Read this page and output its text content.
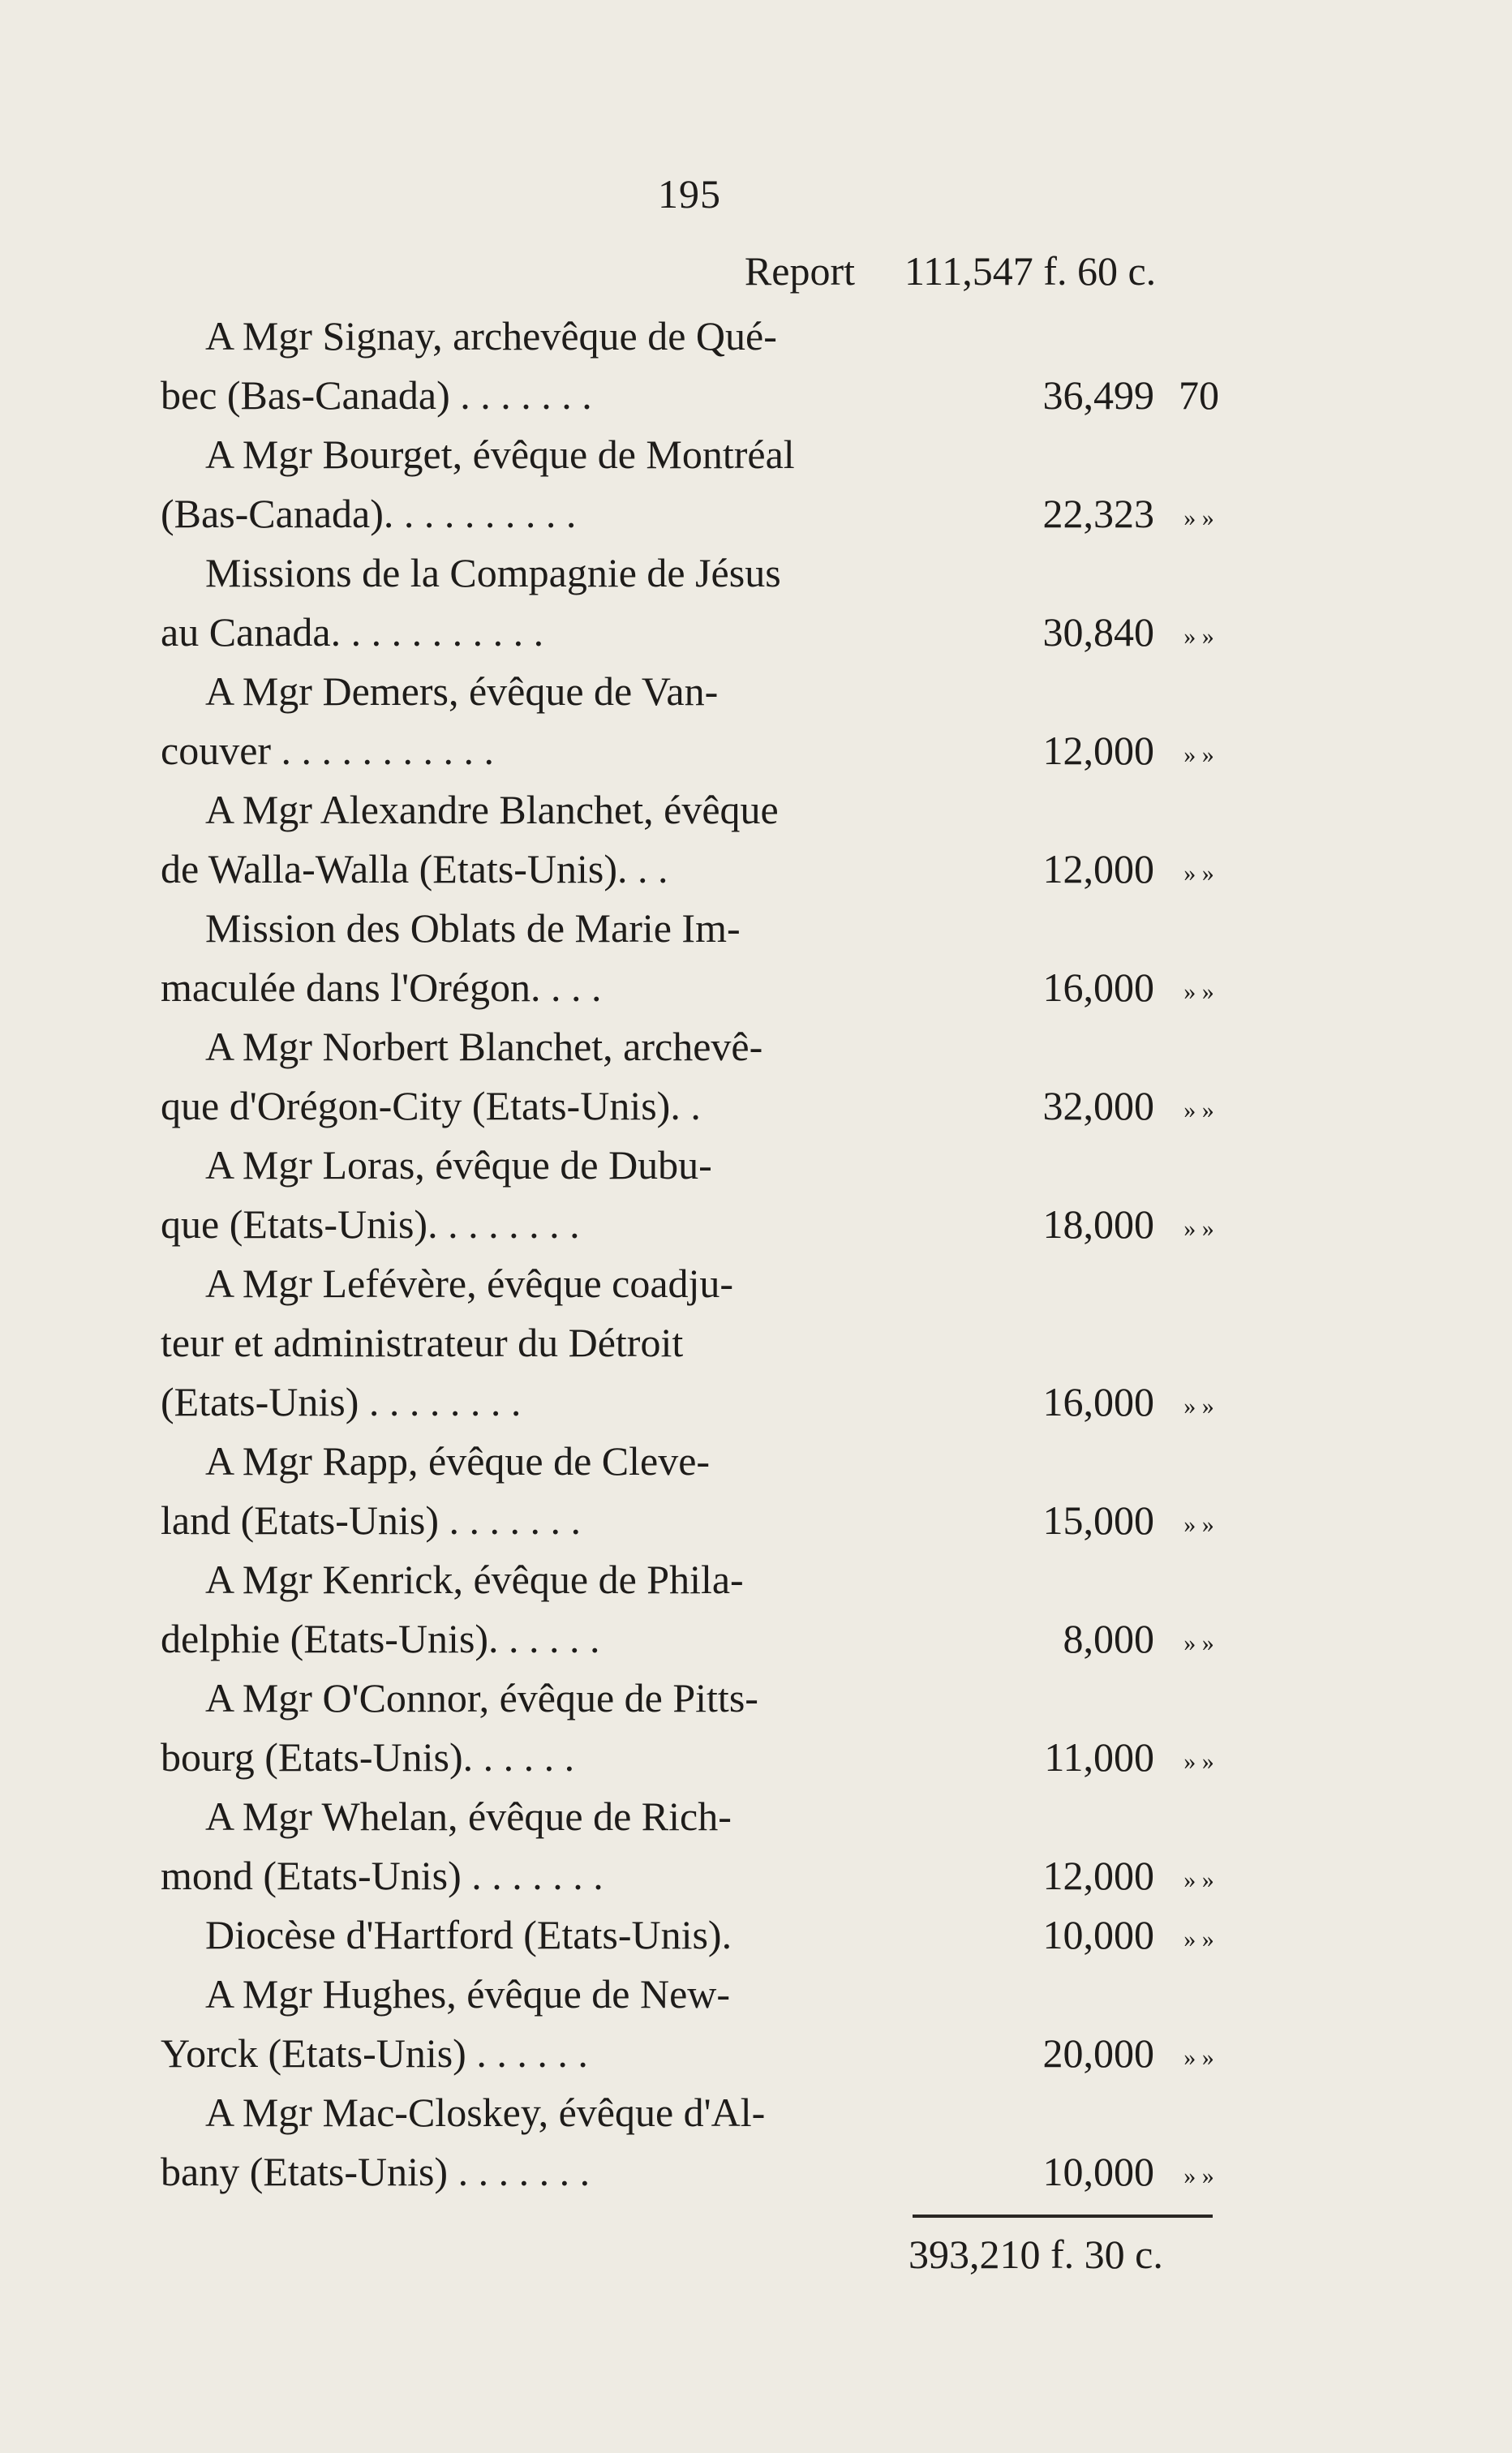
195
Report 111,547 f. 60 c.
A Mgr Signay, archevêque de Qué-
bec (Bas-Canada) . . . . . . .	36,499 70
A Mgr Bourget, évêque de Montréal
(Bas-Canada). . . . . . . . . .	22,323 » »
Missions de la Compagnie de Jésus
au Canada. . . . . . . . . . .	30,840 » »
A Mgr Demers, évêque de Van-
couver . . . . . . . . . . .	12,000 » »
A Mgr Alexandre Blanchet, évêque
de Walla-Walla (Etats-Unis). . .	12,000 » »
Mission des Oblats de Marie Im-
maculée dans l'Orégon. . . .	16,000 » »
A Mgr Norbert Blanchet, archevê-
que d'Orégon-City (Etats-Unis). .	32,000 » »
A Mgr Loras, évêque de Dubu-
que (Etats-Unis). . . . . . . .	18,000 » »
A Mgr Lefévère, évêque coadju-
teur et administrateur du Détroit
(Etats-Unis) . . . . . . . .	16,000 » »
A Mgr Rapp, évêque de Cleve-
land (Etats-Unis) . . . . . . .	15,000 » »
A Mgr Kenrick, évêque de Phila-
delphie (Etats-Unis). . . . . .	8,000 » »
A Mgr O'Connor, évêque de Pitts-
bourg (Etats-Unis). . . . . .	11,000 » »
A Mgr Whelan, évêque de Rich-
mond (Etats-Unis) . . . . . . .	12,000 » »
Diocèse d'Hartford (Etats-Unis).	10,000 » »
A Mgr Hughes, évêque de New-
Yorck (Etats-Unis) . . . . . .	20,000 » »
A Mgr Mac-Closkey, évêque d'Al-
bany (Etats-Unis) . . . . . . .	10,000 » »
393,210 f. 30 c.
